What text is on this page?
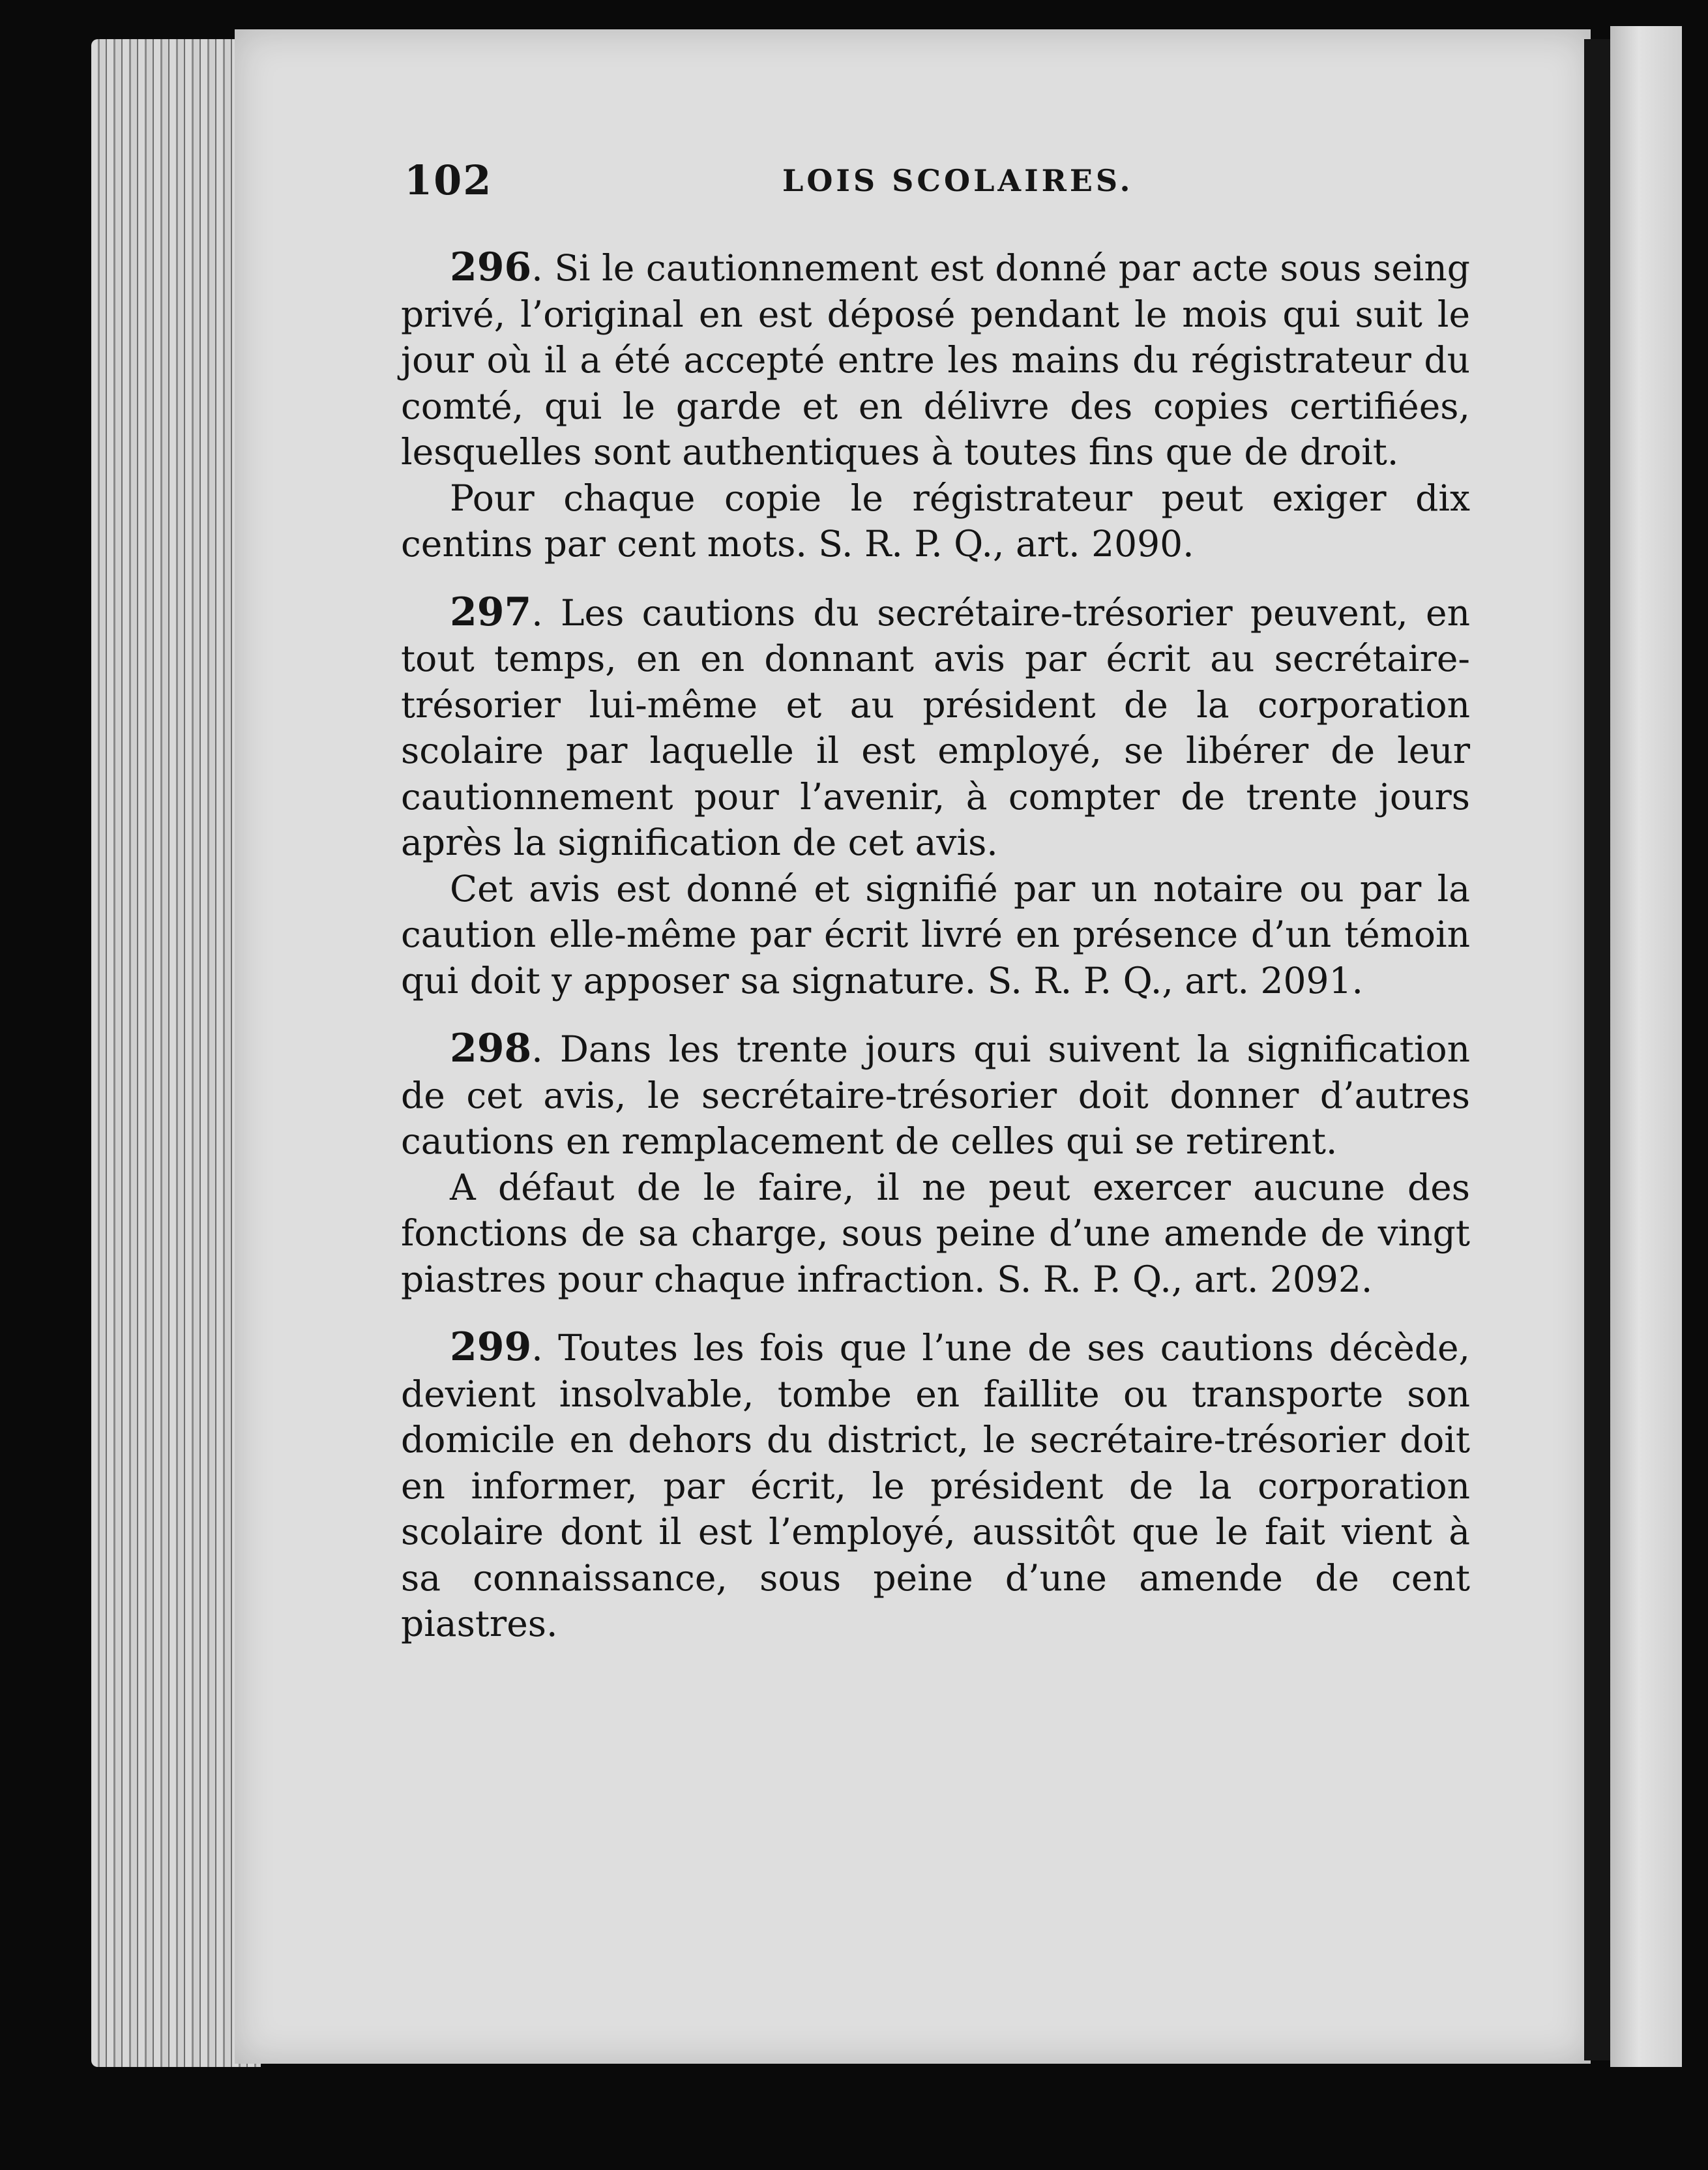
102	LOIS SCOLAIRES.

296. Si le cautionnement est donné par acte sous seing privé, l’original en est déposé pendant le mois qui suit le jour où il a été accepté entre les mains du régistrateur du comté, qui le garde et en délivre des copies certifiées, lesquelles sont authentiques à toutes fins que de droit.

Pour chaque copie le régistrateur peut exiger dix centins par cent mots. S. R. P. Q., art. 2090.

297. Les cautions du secrétaire-trésorier peuvent, en tout temps, en en donnant avis par écrit au secrétaire-trésorier lui-même et au président de la corporation scolaire par laquelle il est employé, se libérer de leur cautionnement pour l’avenir, à compter de trente jours après la signification de cet avis.

Cet avis est donné et signifié par un notaire ou par la caution elle-même par écrit livré en présence d’un témoin qui doit y apposer sa signature. S. R. P. Q., art. 2091.

298. Dans les trente jours qui suivent la signification de cet avis, le secrétaire-trésorier doit donner d’autres cautions en remplacement de celles qui se retirent.

A défaut de le faire, il ne peut exercer aucune des fonctions de sa charge, sous peine d’une amende de vingt piastres pour chaque infraction. S. R. P. Q., art. 2092.

299. Toutes les fois que l’une de ses cautions décède, devient insolvable, tombe en faillite ou transporte son domicile en dehors du district, le secrétaire-trésorier doit en informer, par écrit, le président de la corporation scolaire dont il est l’employé, aussitôt que le fait vient à sa connaissance, sous peine d’une amende de cent piastres.
